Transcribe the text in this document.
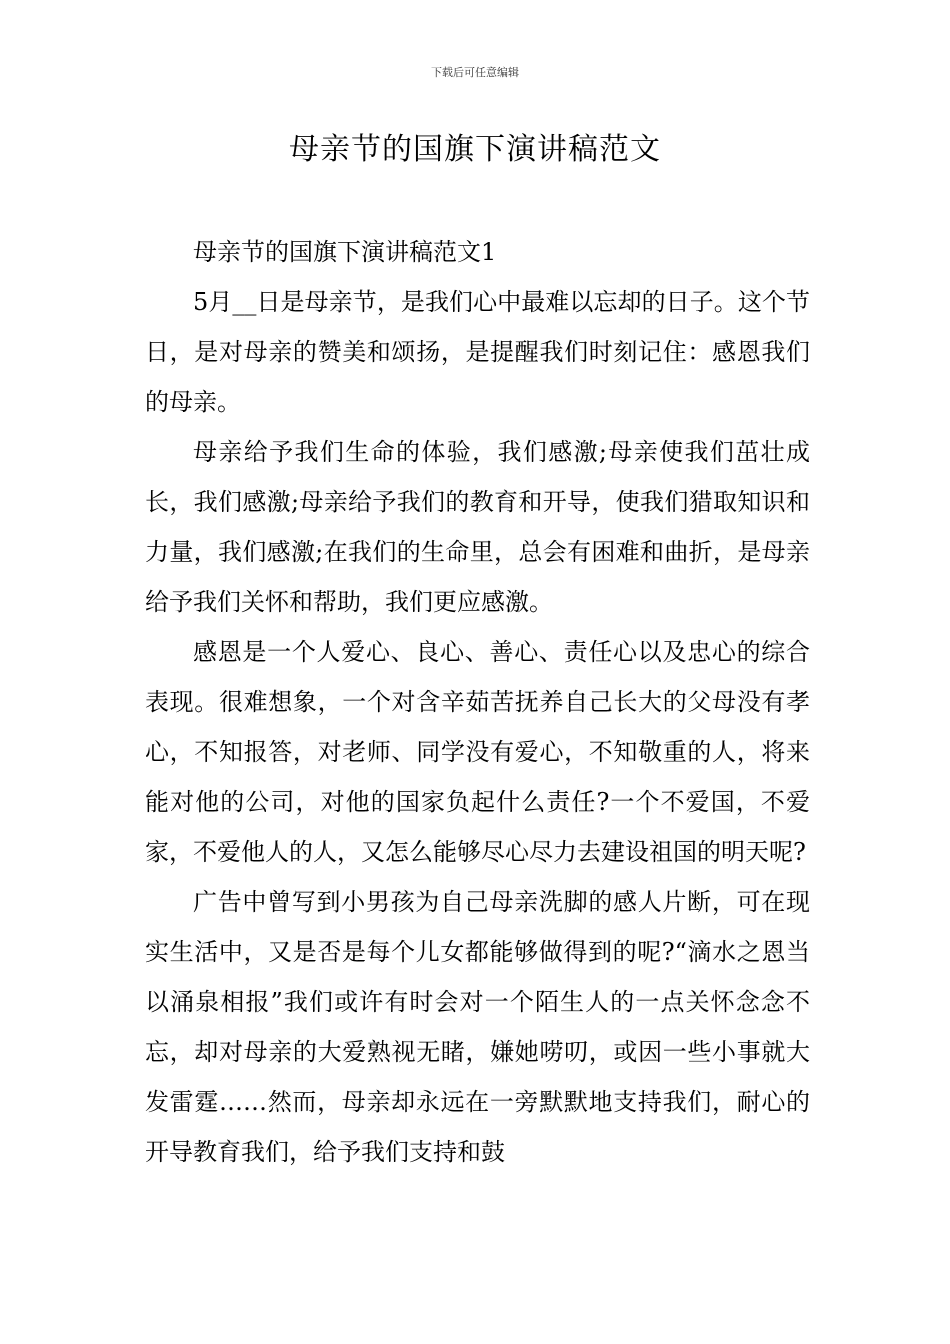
下载后可任意编辑
母亲节的国旗下演讲稿范文

母亲节的国旗下演讲稿范文1

5月__日是母亲节，是我们心中最难以忘却的日子。这个节日，是对母亲的赞美和颂扬，是提醒我们时刻记住：感恩我们的母亲。

母亲给予我们生命的体验，我们感激;母亲使我们茁壮成长，我们感激;母亲给予我们的教育和开导，使我们猎取知识和力量，我们感激;在我们的生命里，总会有困难和曲折，是母亲给予我们关怀和帮助，我们更应感激。

感恩是一个人爱心、良心、善心、责任心以及忠心的综合表现。很难想象，一个对含辛茹苦抚养自己长大的父母没有孝心，不知报答，对老师、同学没有爱心，不知敬重的人，将来能对他的公司，对他的国家负起什么责任?一个不爱国，不爱家，不爱他人的人，又怎么能够尽心尽力去建设祖国的明天呢?

广告中曾写到小男孩为自己母亲洗脚的感人片断，可在现实生活中，又是否是每个儿女都能够做得到的呢?“滴水之恩当以涌泉相报”我们或许有时会对一个陌生人的一点关怀念念不忘，却对母亲的大爱熟视无睹，嫌她唠叨，或因一些小事就大发雷霆……然而，母亲却永远在一旁默默地支持我们，耐心的开导教育我们，给予我们支持和鼓
